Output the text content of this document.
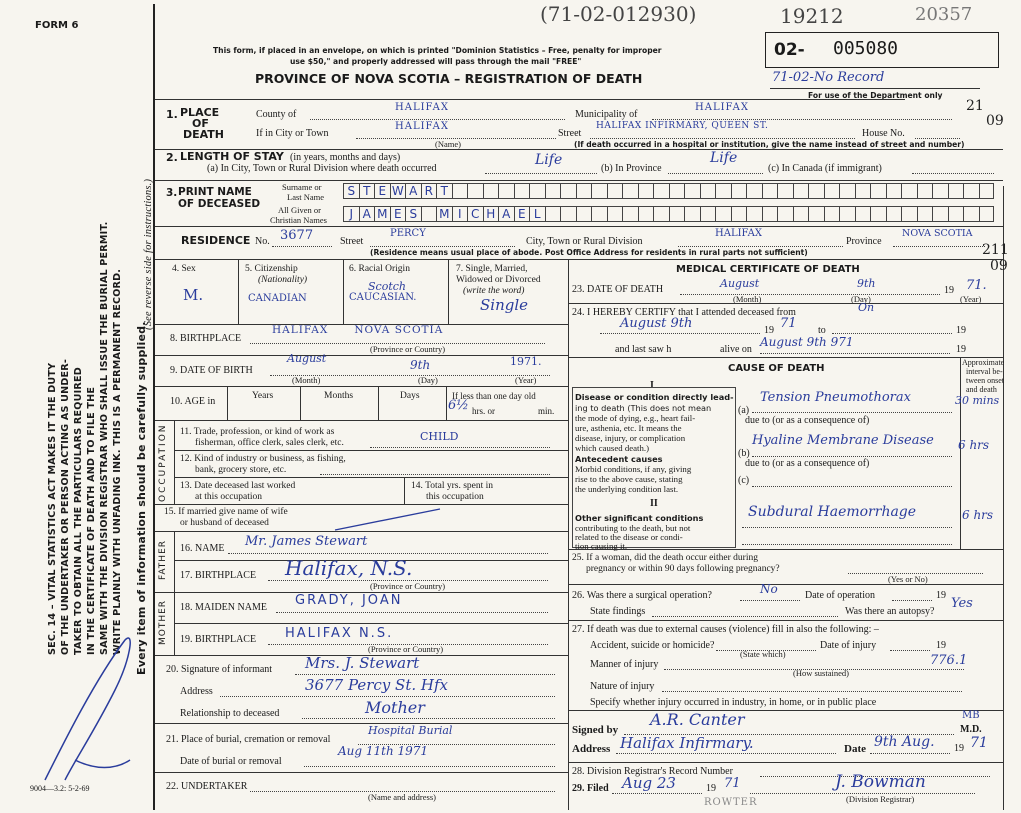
FORM 6
SEC. 14 – VITAL STATISTICS ACT MAKES IT THE DUTY OF THE UNDERTAKER OR PERSON ACTING AS UNDER- TAKER TO OBTAIN ALL THE PARTICULARS REQUIRED IN THE CERTIFICATE OF DEATH AND TO FILE THE SAME WITH THE DIVISION REGISTRAR WHO SHALL ISSUE THE BURIAL PERMIT. WRITE PLAINLY WITH UNFADING INK. THIS IS A PERMANENT RECORD. Every item of information should be carefully supplied.
(See reverse side for instructions.)
9004—3.2: 5-2-69
(71-02-012930)	19212	20357
This form, if placed in an envelope, on which is printed "Dominion Statistics – Free, penalty for improper
use $50," and properly addressed will pass through the mail "FREE"
PROVINCE OF NOVA SCOTIA – REGISTRATION OF DEATH
02- 005080
71-02-No Record
For use of the Department only
21
09
1. PLACE
OF
DEATH
County of
HALIFAX
Municipality of
HALIFAX
If in City or Town
HALIFAX
(Name)
Street
HALIFAX INFIRMARY, QUEEN ST.
House No.
(If death occurred in a hospital or institution, give the name instead of street and number)
2. LENGTH OF STAY (in years, months and days)
(a) In City, Town or Rural Division where death occurred
Life
(b) In Province
Life
(c) In Canada (if immigrant)
3. PRINT NAME
OF DECEASED
Surname or
Last Name
All Given or
Christian Names
S T E W A R T
J A M E S M I C H A E L
RESIDENCE No. 3677	Street
PERCY
City, Town or Rural Division
HALIFAX
Province
NOVA SCOTIA
(Residence means usual place of abode. Post Office Address for residents in rural parts not sufficient)	211
09
4. Sex
M.
5. Citizenship
(Nationality)
CANADIAN
6. Racial Origin
Scotch
CAUCASIAN.
7. Single, Married,
Widowed or Divorced
(write the word)
Single
8. BIRTHPLACE
HALIFAX      NOVA SCOTIA
(Province or Country)
9. DATE OF BIRTH
August	9th	1971.
(Month)	(Day)	(Year)
10. AGE in	Years	Months	Days	If less than one day old
6½ hrs. or	min.
OCCUPATION 11. Trade, profession, or kind of work as
fisherman, office clerk, sales clerk, etc.	CHILD
12. Kind of industry or business, as fishing,
bank, grocery store, etc.
13. Date deceased last worked
at this occupation
14. Total yrs. spent in
this occupation
15. If married give name of wife
or husband of deceased
FATHER 16. NAME Mr. James Stewart
17. BIRTHPLACE Halifax, N.S.
(Province or Country)
MOTHER 18. MAIDEN NAME GRADY, JOAN
19. BIRTHPLACE HALIFAX N.S.
(Province or Country)
20. Signature of informant Mrs. J. Stewart
Address	3677 Percy St. Hfx
Relationship to deceased	Mother
21. Place of burial, cremation or removal
Hospital Burial
Date of burial or removal
Aug 11th 1971
22. UNDERTAKER
(Name and address)
MEDICAL CERTIFICATE OF DEATH
23. DATE OF DEATH	August	9th
19 71.
(Month)	(Day)	(Year)
24. I HEREBY CERTIFY that I attended deceased from	On
August 9th	19 71 to	19
and last saw h	alive on
August 9th 971
19
CAUSE OF DEATH
Approximate
interval be-
tween onset
and death
I
Disease or condition directly lead-
ing to death (This does not mean
the mode of dying, e.g., heart fail-
ure, asthenia, etc. It means the
disease, injury, or complication
which caused death.)
(a)
Tension Pneumothorax	30 mins
due to (or as a consequence of)
Antecedent causes
Morbid conditions, if any, giving
rise to the above cause, stating
the underlying condition last.
(b)
Hyaline Membrane Disease 6 hrs
due to (or as a consequence of)
(c)
II
Other significant conditions
contributing to the death, but not
related to the disease or condi-
tion causing it.
Subdural Haemorrhage	6 hrs
25. If a woman, did the death occur either during
pregnancy or within 90 days following pregnancy?
(Yes or No)
26. Was there a surgical operation?	No	Date of operation	19
State findings	Was there an autopsy?
Yes
27. If death was due to external causes (violence) fill in also the following: –
Accident, suicide or homicide?
(State which)
Date of injury	19
Manner of injury	776.1
(How sustained)
Nature of injury
Specify whether injury occurred in industry, in home, or in public place
Signed by
A.R. Canter	MB
M.D.
Address Halifax Infirmary.	Date 9th Aug. 19 71
28. Division Registrar's Record Number
29. Filed Aug 23	19 71	J. Bowman
(Division Registrar)
ROWTER
